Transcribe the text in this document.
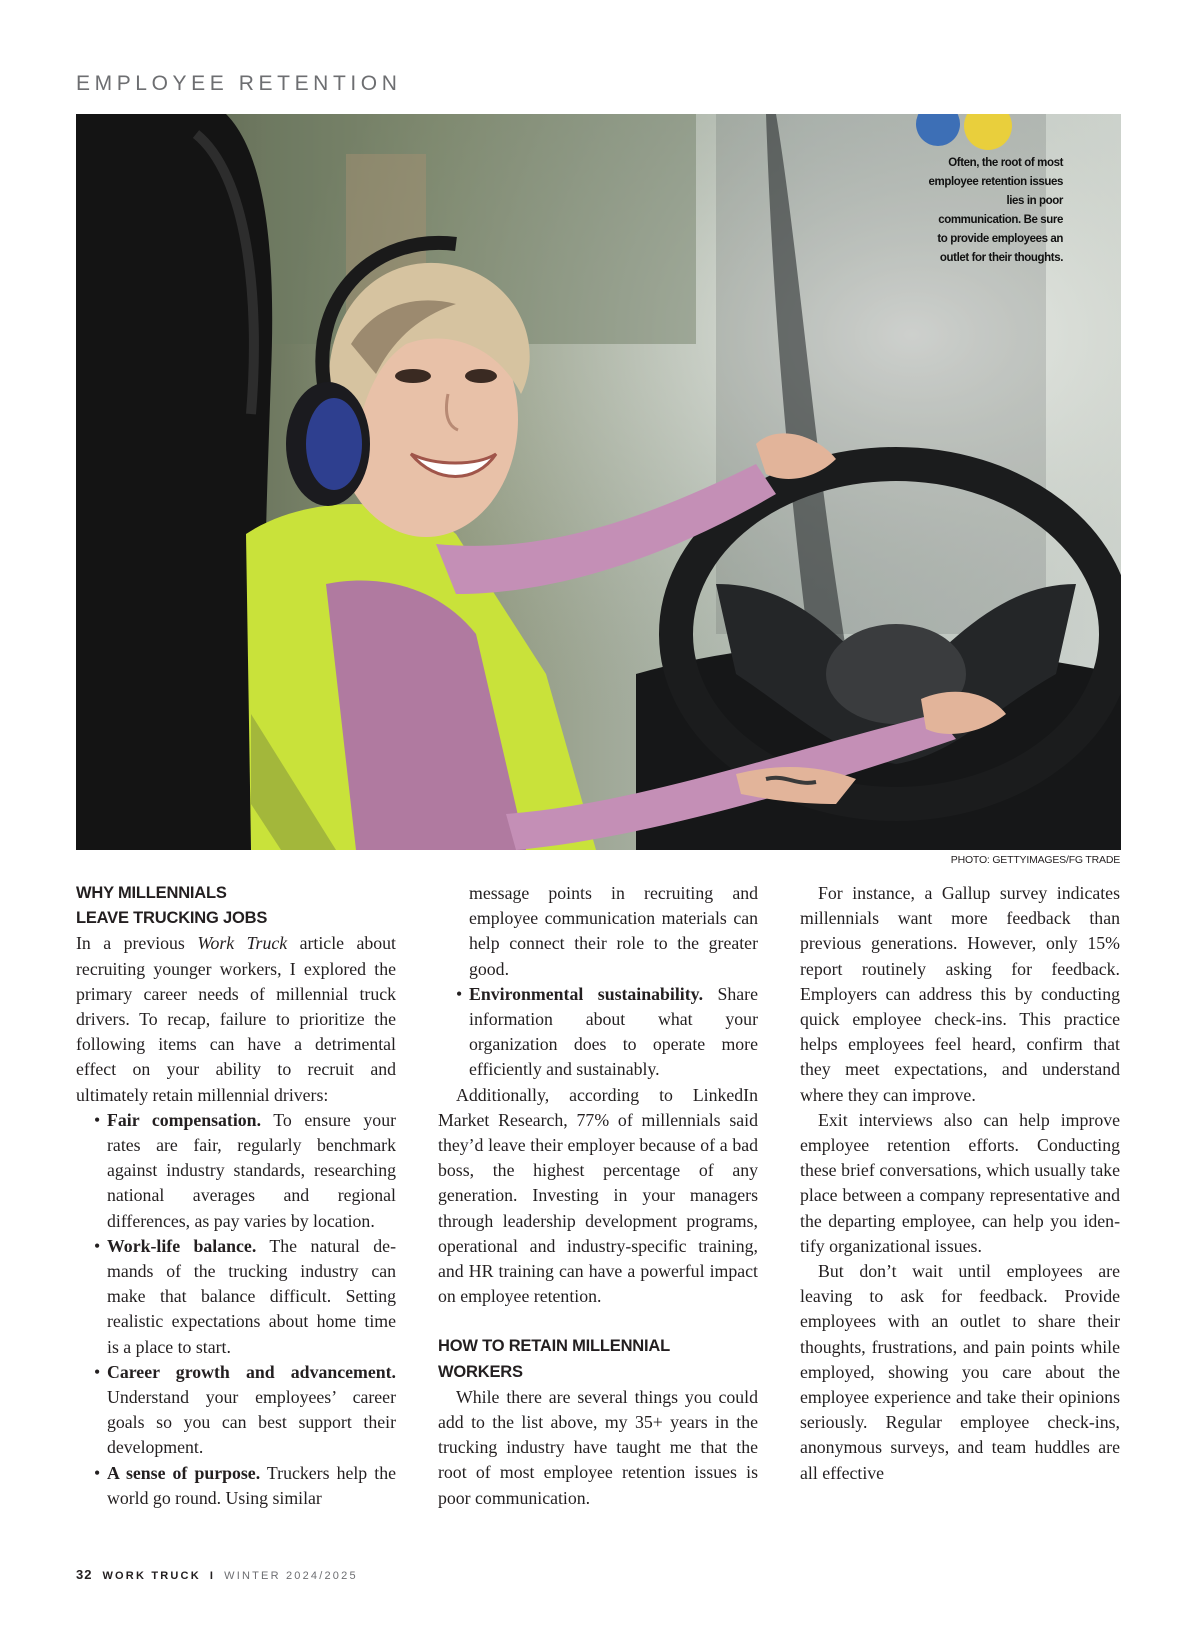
EMPLOYEE RETENTION
Often, the root of most employee retention issues lies in poor communication. Be sure to provide employees an outlet for their thoughts.
PHOTO: GETTYIMAGES/FG TRADE
WHY MILLENNIALS
LEAVE TRUCKING JOBS

In a previous Work Truck article about recruiting younger workers, I explored the primary career needs of millennial truck drivers. To recap, failure to prioritize the following items can have a detrimental effect on your ability to recruit and ultimately retain millennial drivers:

• Fair compensation. To ensure your rates are fair, regularly benchmark against industry standards, researching national averages and regional differences, as pay varies by location.
• Work-life balance. The natural demands of the trucking industry can make that balance difficult. Setting realistic expectations about home time is a place to start.
• Career growth and advancement. Understand your employees’ career goals so you can best support their development.
• A sense of purpose. Truckers help the world go round. Using similar

message points in recruiting and employee communication materials can help connect their role to the greater good.

• Environmental sustainability. Share information about what your organization does to operate more efficiently and sustainably.

Additionally, according to LinkedIn Market Research, 77% of millennials said they’d leave their employer because of a bad boss, the highest percentage of any generation. Investing in your managers through leadership development programs, operational and industry-specific training, and HR training can have a powerful impact on employee retention.

HOW TO RETAIN MILLENNIAL WORKERS

While there are several things you could add to the list above, my 35+ years in the trucking industry have taught me that the root of most employee retention issues is poor communication.

For instance, a Gallup survey indicates millennials want more feedback than previous generations. However, only 15% report routinely asking for feedback. Employers can address this by conducting quick employee check-ins. This practice helps employees feel heard, confirm that they meet expectations, and understand where they can improve.

Exit interviews also can help improve employee retention efforts. Conducting these brief conversations, which usually take place between a company representative and the departing employee, can help you identify organizational issues.

But don’t wait until employees are leaving to ask for feedback. Provide employees with an outlet to share their thoughts, frustrations, and pain points while employed, showing you care about the employee experience and take their opinions seriously. Regular employee check-ins, anonymous surveys, and team huddles are all effective

32 WORK TRUCK I WINTER 2024/2025
